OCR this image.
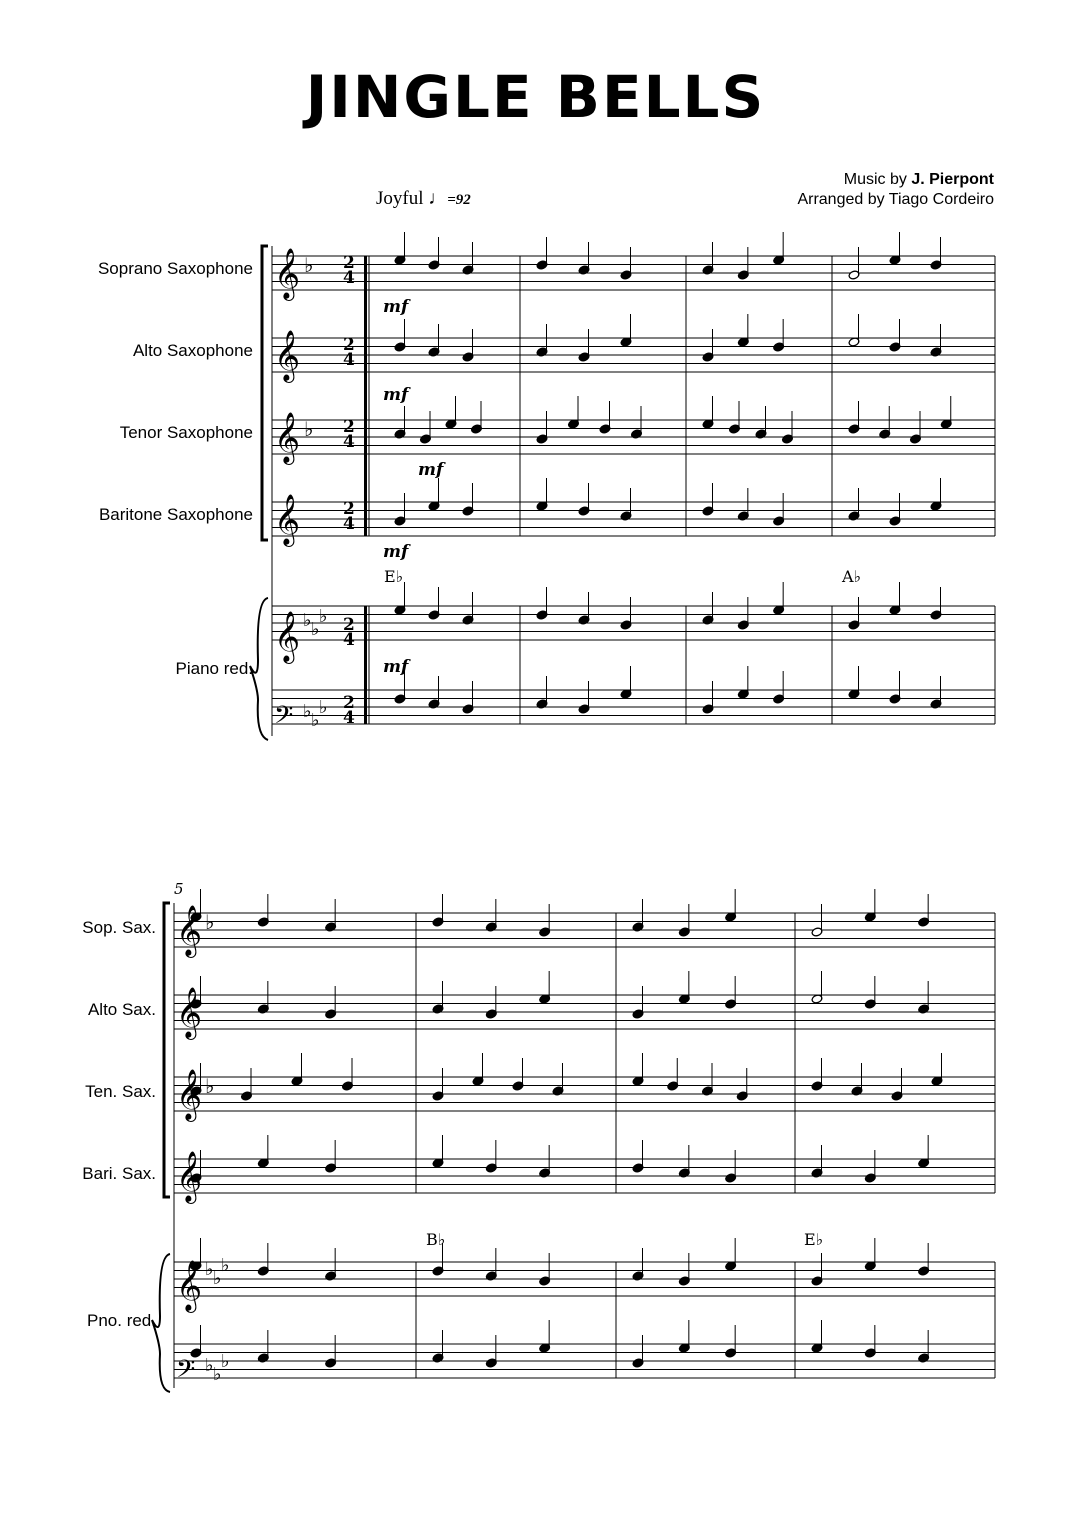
JINGLE BELLS
Joyful ♩=92
Music by J. Pierpont
Arranged by Tiago Cordeiro
Soprano Saxophone
Alto Saxophone
Tenor Saxophone
Baritone Saxophone
Piano red.
Sop. Sax.
Alto Sax.
Ten. Sax.
Bari. Sax.
Pno. red.
𝄞
𝄞
𝄞
𝄞
𝄞
𝄢
♭
♭
♭ ♭
♭
♭ ♭
♭
2
4
2
4
2
4
2
4
2
4
2
4
mf
mf
mf
mf
mf
E♭	A♭
B♭	E♭
5
𝄞
𝄞
𝄞
𝄞
𝄞
𝄢
♭
♭
♭ ♭
♭
♭ ♭
♭
